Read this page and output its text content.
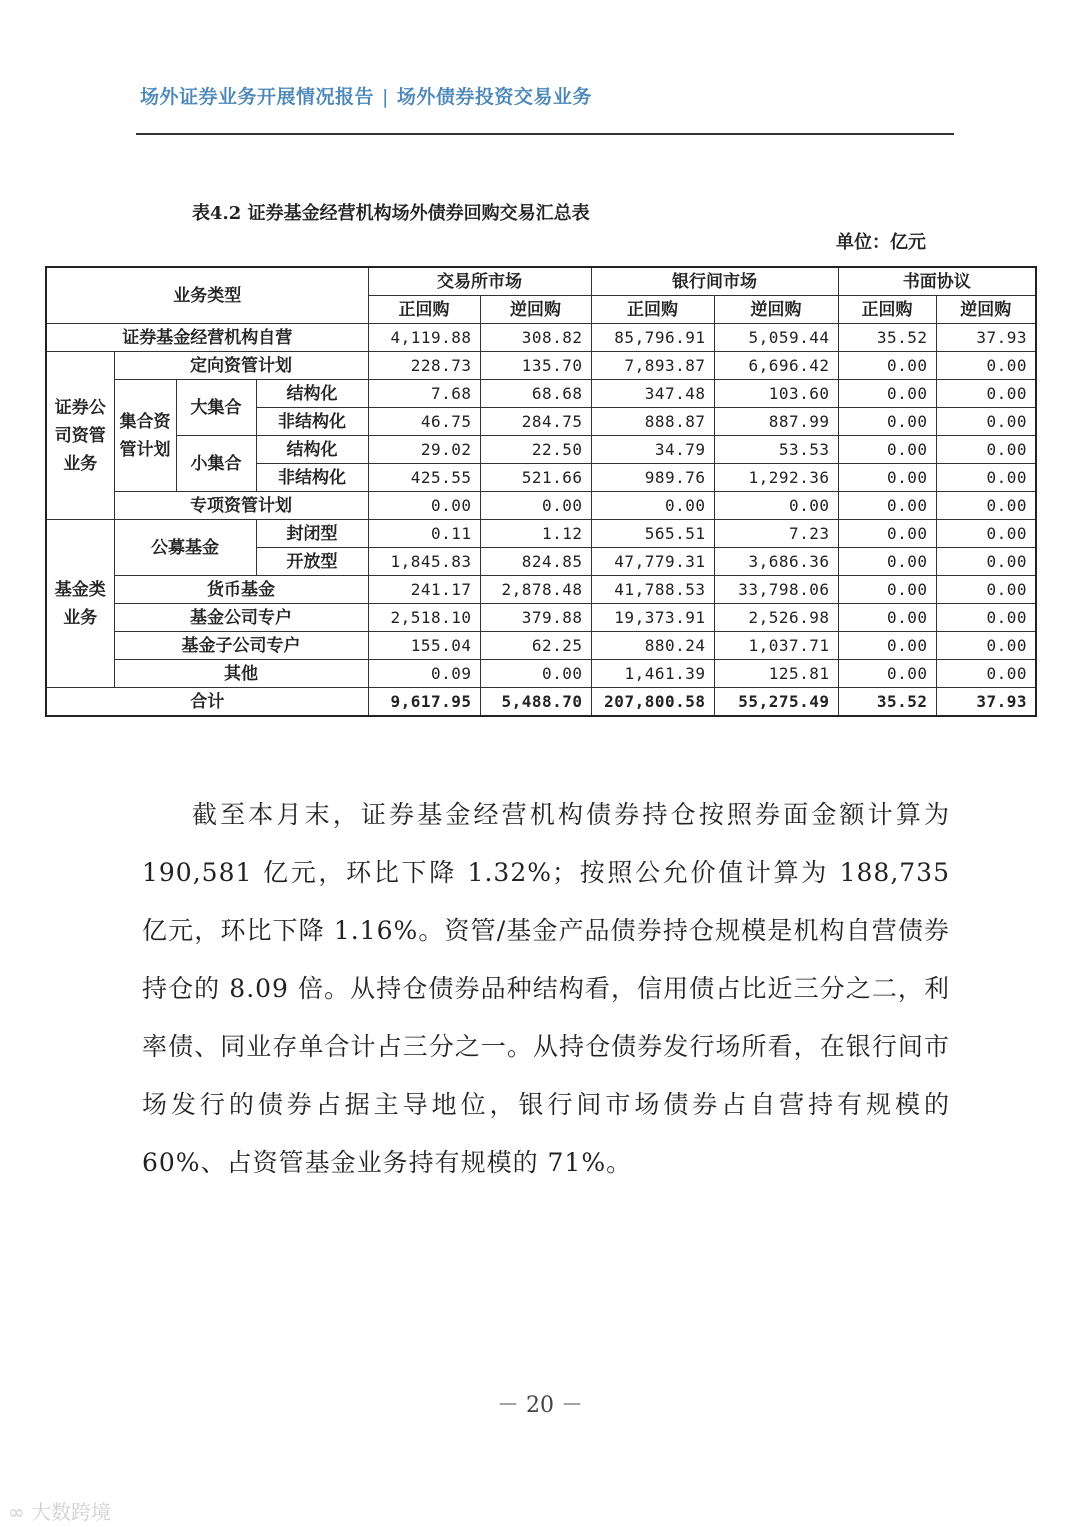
场外证券业务开展情况报告 | 场外债券投资交易业务
表4.2 证券基金经营机构场外债券回购交易汇总表
单位：亿元
业务类型				交易所市场		银行间市场		书面协议	
				正回购	逆回购	正回购	逆回购	正回购	逆回购
证券基金经营机构自营				4,119.88	308.82	85,796.91	5,059.44	35.52	37.93
证券公司资管业务	定向资管计划			228.73	135.70	7,893.87	6,696.42	0.00	0.00
	集合资管计划	大集合	结构化	7.68	68.68	347.48	103.60	0.00	0.00
			非结构化	46.75	284.75	888.87	887.99	0.00	0.00
		小集合	结构化	29.02	22.50	34.79	53.53	0.00	0.00
			非结构化	425.55	521.66	989.76	1,292.36	0.00	0.00
	专项资管计划			0.00	0.00	0.00	0.00	0.00	0.00
基金类业务	公募基金		封闭型	0.11	1.12	565.51	7.23	0.00	0.00
			开放型	1,845.83	824.85	47,779.31	3,686.36	0.00	0.00
	货币基金			241.17	2,878.48	41,788.53	33,798.06	0.00	0.00
	基金公司专户			2,518.10	379.88	19,373.91	2,526.98	0.00	0.00
	基金子公司专户			155.04	62.25	880.24	1,037.71	0.00	0.00
	其他			0.09	0.00	1,461.39	125.81	0.00	0.00
合计				9,617.95	5,488.70	207,800.58	55,275.49	35.52	37.93
截至本月末，证券基金经营机构债券持仓按照券面金额计算为 190,581 亿元，环比下降 1.32%；按照公允价值计算为 188,735 亿元，环比下降 1.16%。资管/基金产品债券持仓规模是机构自营债券持仓的 8.09 倍。从持仓债券品种结构看，信用债占比近三分之二，利率债、同业存单合计占三分之一。从持仓债券发行场所看，在银行间市场发行的债券占据主导地位，银行间市场债券占自营持有规模的 60%、占资管基金业务持有规模的 71%。
－ 20 －
∞ 大数跨境
